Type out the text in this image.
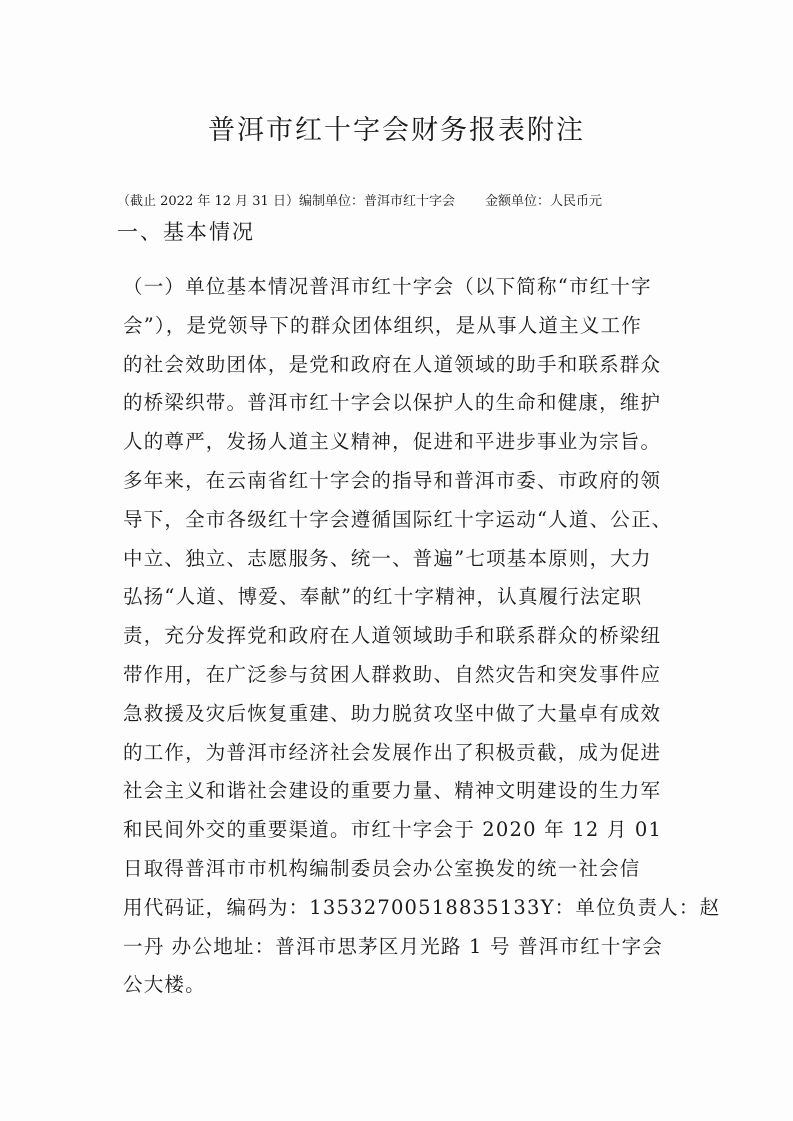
普洱市红十字会财务报表附注
（截止 2022 年 12 月 31 日）编制单位：普洱市红十字会 金额单位：人民币元
一、基本情况
（一）单位基本情况普洱市红十字会（以下简称“市红十字
会”），是党领导下的群众团体组织，是从事人道主义工作
的社会效助团体，是党和政府在人道领域的助手和联系群众
的桥梁织带。普洱市红十字会以保护人的生命和健康，维护
人的尊严，发扬人道主义精神，促进和平进步事业为宗旨。
多年来，在云南省红十字会的指导和普洱市委、市政府的领
导下，全市各级红十字会遵循国际红十字运动“人道、公正、
中立、独立、志愿服务、统一、普遍”七项基本原则，大力
弘扬“人道、博爱、奉献”的红十字精神，认真履行法定职
责，充分发挥党和政府在人道领域助手和联系群众的桥梁纽
带作用，在广泛参与贫困人群救助、自然灾告和突发事件应
急救援及灾后恢复重建、助力脱贫攻坚中做了大量卓有成效
的工作，为普洱市经济社会发展作出了积极贡截，成为促进
社会主义和谐社会建设的重要力量、精神文明建设的生力军
和民间外交的重要渠道。市红十字会于 2020 年 12 月 01
日取得普洱市市机构编制委员会办公室换发的统一社会信
用代码证，编码为：13532700518835133Y：单位负责人：赵
一丹 办公地址：普洱市思茅区月光路 1 号 普洱市红十字会
公大楼。
